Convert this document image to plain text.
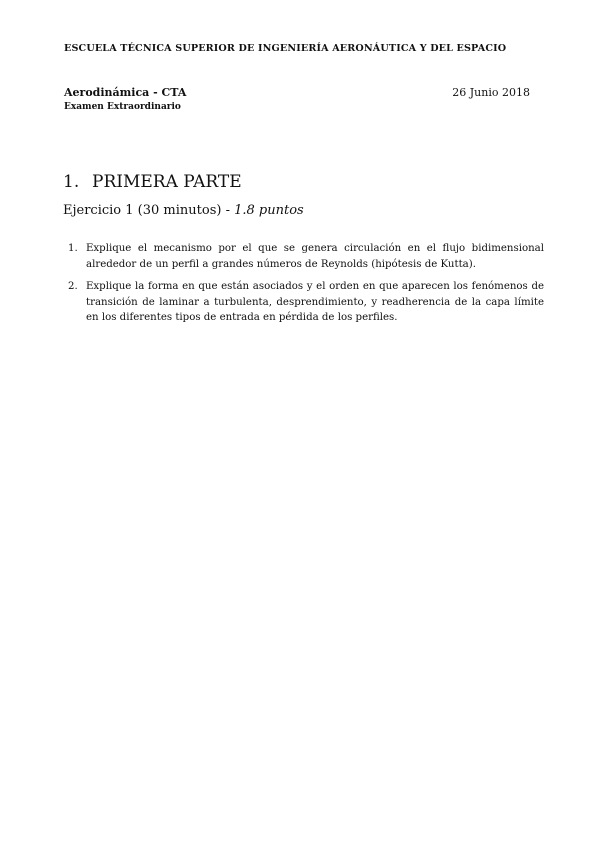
ESCUELA TÉCNICA SUPERIOR DE INGENIERÍA AERONÁUTICA Y DEL ESPACIO
Aerodinámica - CTA	26 Junio 2018
Examen Extraordinario
1. PRIMERA PARTE
Ejercicio 1 (30 minutos) - 1.8 puntos
1. Explique el mecanismo por el que se genera circulación en el flujo bidimensional alrededor de un perfil a grandes números de Reynolds (hipótesis de Kutta).
2. Explique la forma en que están asociados y el orden en que aparecen los fenómenos de transición de laminar a turbulenta, desprendimiento, y readherencia de la capa límite en los diferentes tipos de entrada en pérdida de los perfiles.
